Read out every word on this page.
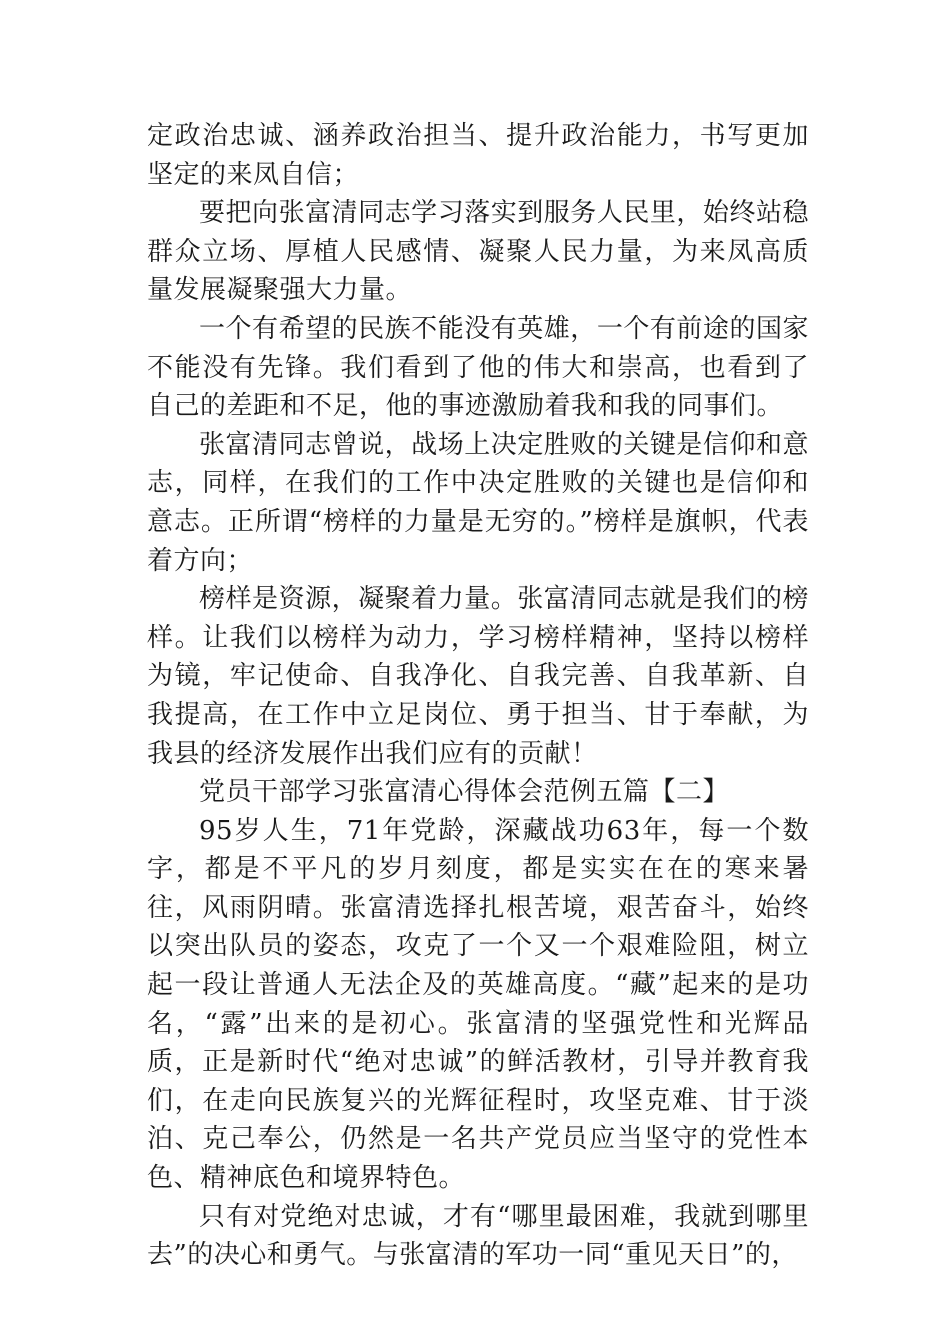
定政治忠诚、涵养政治担当、提升政治能力，书写更加坚定的来凤自信；

要把向张富清同志学习落实到服务人民里，始终站稳群众立场、厚植人民感情、凝聚人民力量，为来凤高质量发展凝聚强大力量。

一个有希望的民族不能没有英雄，一个有前途的国家不能没有先锋。我们看到了他的伟大和崇高，也看到了自己的差距和不足，他的事迹激励着我和我的同事们。

张富清同志曾说，战场上决定胜败的关键是信仰和意志，同样，在我们的工作中决定胜败的关键也是信仰和意志。正所谓“榜样的力量是无穷的。”榜样是旗帜，代表着方向；

榜样是资源，凝聚着力量。张富清同志就是我们的榜样。让我们以榜样为动力，学习榜样精神，坚持以榜样为镜，牢记使命、自我净化、自我完善、自我革新、自我提高，在工作中立足岗位、勇于担当、甘于奉献，为我县的经济发展作出我们应有的贡献！

党员干部学习张富清心得体会范例五篇【二】

95岁人生，71年党龄，深藏战功63年，每一个数字，都是不平凡的岁月刻度，都是实实在在的寒来暑往，风雨阴晴。张富清选择扎根苦境，艰苦奋斗，始终以突出队员的姿态，攻克了一个又一个艰难险阻，树立起一段让普通人无法企及的英雄高度。“藏”起来的是功名，“露”出来的是初心。张富清的坚强党性和光辉品质，正是新时代“绝对忠诚”的鲜活教材，引导并教育我们，在走向民族复兴的光辉征程时，攻坚克难、甘于淡泊、克己奉公，仍然是一名共产党员应当坚守的党性本色、精神底色和境界特色。

只有对党绝对忠诚，才有“哪里最困难，我就到哪里去”的决心和勇气。与张富清的军功一同“重见天日”的，
